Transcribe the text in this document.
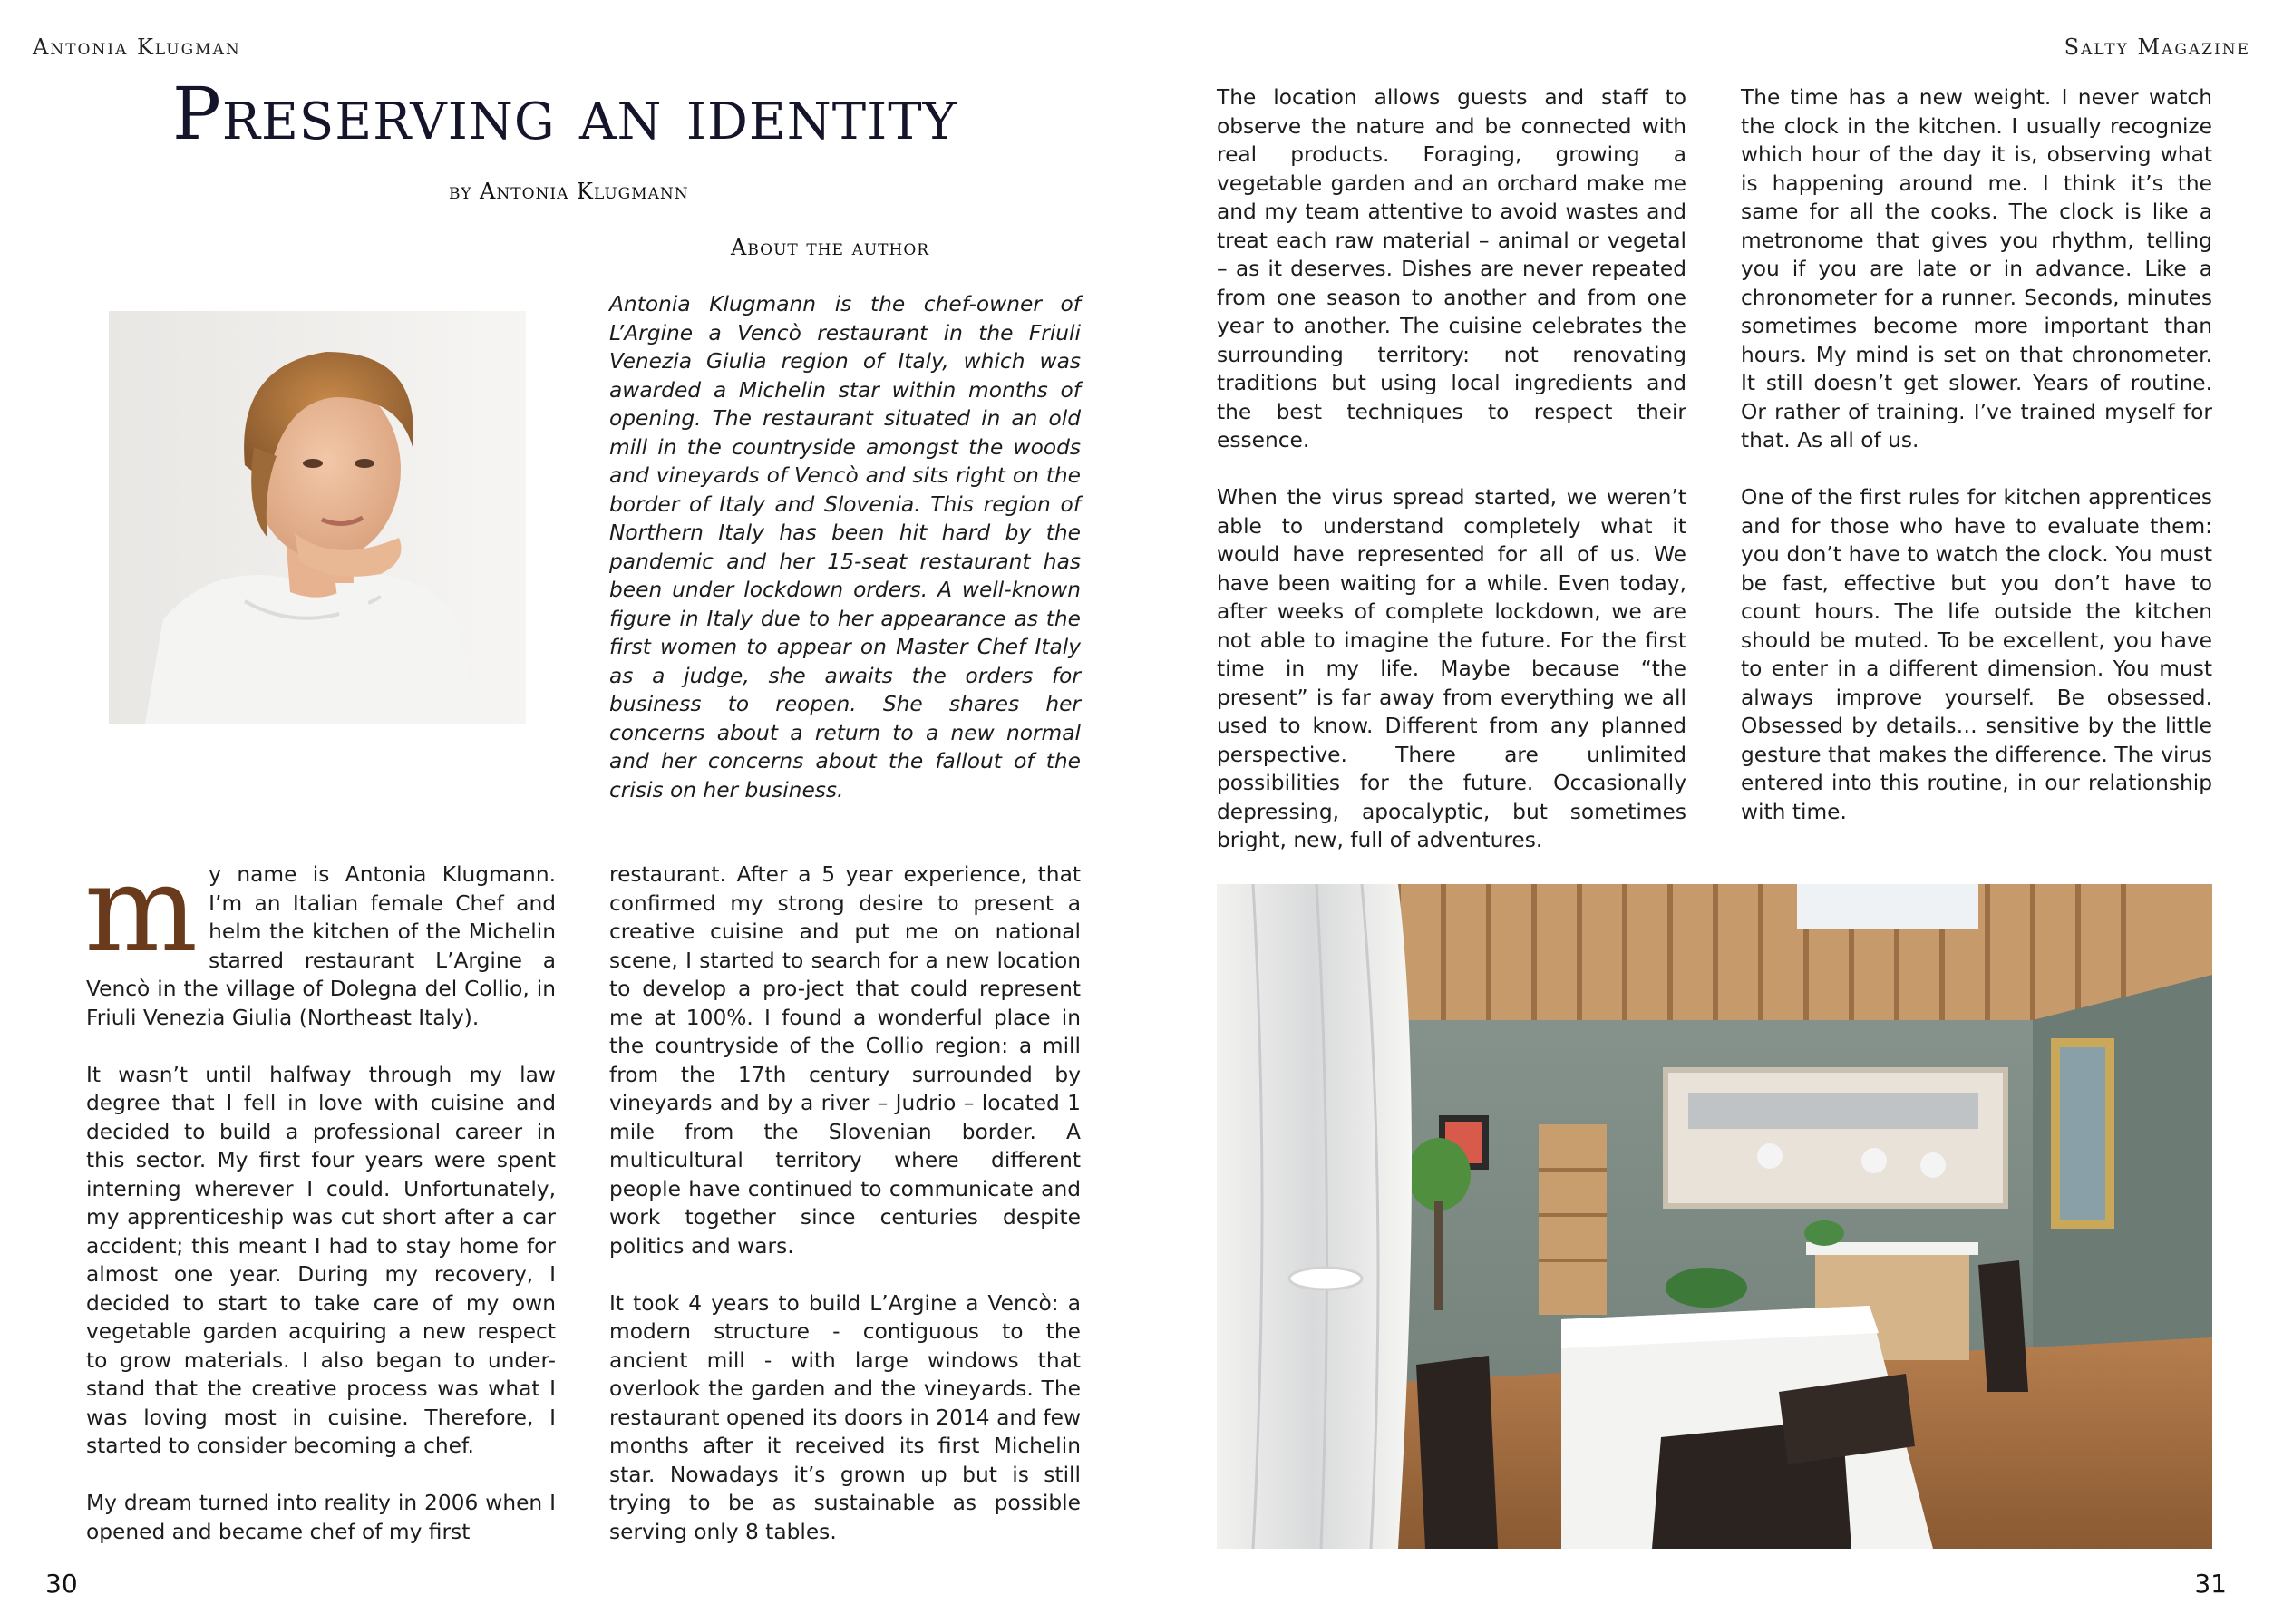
Antonia Klugman	Salty Magazine
Preserving an identity
by Antonia Klugmann
About the author

Antonia Klugmann is the chef-owner of L’Argine a Vencò restaurant in the Friuli Venezia Giulia region of Italy, which was awarded a Michelin star within months of opening. The restaurant situated in an old mill in the countryside amongst the woods and vineyards of Vencò and sits right on the border of Italy and Slovenia. This region of Northern Italy has been hit hard by the pandemic and her 15-seat restaurant has been under lockdown orders. A well-known figure in Italy due to her appearance as the first women to appear on Master Chef Italy as a judge, she awaits the orders for business to reopen. She shares her concerns about a return to a new normal and her concerns about the fallout of the crisis on her business.

my name is Antonia Klugmann. I’m an Italian female Chef and helm the kitchen of the Michelin starred restaurant L’Argine a Vencò in the village of Dolegna del Collio, in Friuli Venezia Giulia (Northeast Italy).

It wasn’t until halfway through my law degree that I fell in love with cuisine and decided to build a professional career in this sector. My first four years were spent interning wherever I could. Unfortunately, my apprenticeship was cut short after a car accident; this meant I had to stay home for almost one year. During my recovery, I decided to start to take care of my own vegetable garden acquiring a new respect to grow materials. I also began to under-stand that the creative process was what I was loving most in cuisine. Therefore, I started to consider becoming a chef.

My dream turned into reality in 2006 when I opened and became chef of my first

restaurant. After a 5 year experience, that confirmed my strong desire to present a creative cuisine and put me on national scene, I started to search for a new location to develop a pro-ject that could represent me at 100%. I found a wonderful place in the countryside of the Collio region: a mill from the 17th century surrounded by vineyards and by a river – Judrio – located 1 mile from the Slovenian border. A multicultural territory where different people have continued to communicate and work together since centuries despite politics and wars.

It took 4 years to build L’Argine a Vencò: a modern structure - contiguous to the ancient mill - with large windows that overlook the garden and the vineyards. The restaurant opened its doors in 2014 and few months after it received its first Michelin star. Nowadays it’s grown up but is still trying to be as sustainable as possible serving only 8 tables.

The location allows guests and staff to observe the nature and be connected with real products. Foraging, growing a vegetable garden and an orchard make me and my team attentive to avoid wastes and treat each raw material – animal or vegetal – as it deserves. Dishes are never repeated from one season to another and from one year to another. The cuisine celebrates the surrounding territory: not renovating traditions but using local ingredients and the best techniques to respect their essence.

When the virus spread started, we weren’t able to understand completely what it would have represented for all of us. We have been waiting for a while. Even today, after weeks of complete lockdown, we are not able to imagine the future. For the first time in my life. Maybe because “the present” is far away from everything we all used to know. Different from any planned perspective. There are unlimited possibilities for the future. Occasionally depressing, apocalyptic, but sometimes bright, new, full of adventures.

The time has a new weight. I never watch the clock in the kitchen. I usually recognize which hour of the day it is, observing what is happening around me. I think it’s the same for all the cooks. The clock is like a metronome that gives you rhythm, telling you if you are late or in advance. Like a chronometer for a runner. Seconds, minutes sometimes become more important than hours. My mind is set on that chronometer. It still doesn’t get slower. Years of routine. Or rather of training. I’ve trained myself for that. As all of us.

One of the first rules for kitchen apprentices and for those who have to evaluate them: you don’t have to watch the clock. You must be fast, effective but you don’t have to count hours. The life outside the kitchen should be muted. To be excellent, you have to enter in a different dimension. You must always improve yourself. Be obsessed. Obsessed by details… sensitive by the little gesture that makes the difference. The virus entered into this routine, in our relationship with time.

30	31
